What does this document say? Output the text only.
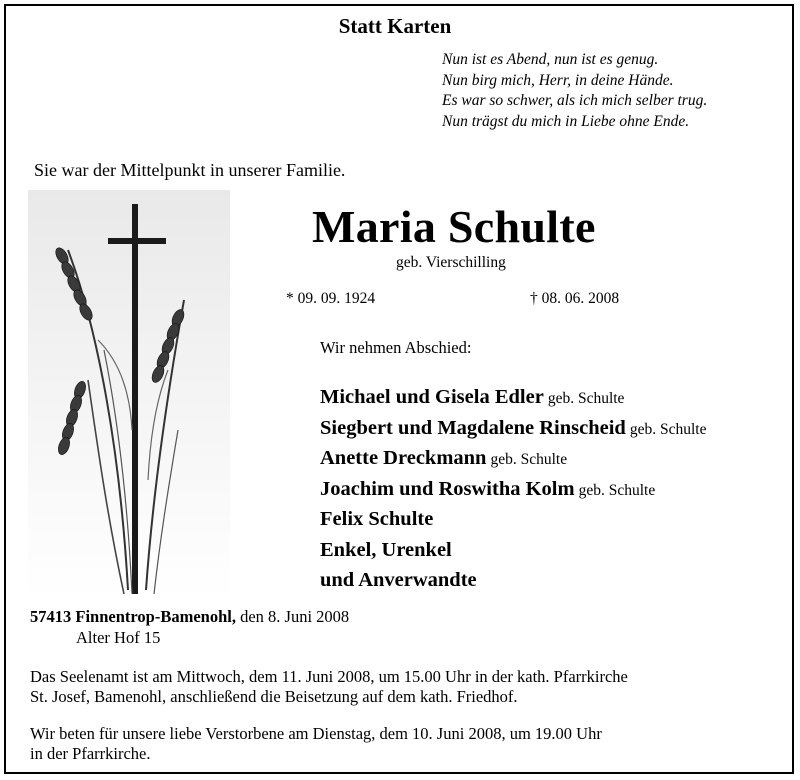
Statt Karten
Nun ist es Abend, nun ist es genug.
Nun birg mich, Herr, in deine Hände.
Es war so schwer, als ich mich selber trug.
Nun trägst du mich in Liebe ohne Ende.
Sie war der Mittelpunkt in unserer Familie.
Maria Schulte
geb. Vierschilling
* 09. 09. 1924	† 08. 06. 2008
Wir nehmen Abschied:
Michael und Gisela Edler geb. Schulte
Siegbert und Magdalene Rinscheid geb. Schulte
Anette Dreckmann geb. Schulte
Joachim und Roswitha Kolm geb. Schulte
Felix Schulte
Enkel, Urenkel
und Anverwandte
57413 Finnentrop-Bamenohl, den 8. Juni 2008
Alter Hof 15
Das Seelenamt ist am Mittwoch, dem 11. Juni 2008, um 15.00 Uhr in der kath. Pfarrkirche
St. Josef, Bamenohl, anschließend die Beisetzung auf dem kath. Friedhof.
Wir beten für unsere liebe Verstorbene am Dienstag, dem 10. Juni 2008, um 19.00 Uhr
in der Pfarrkirche.
